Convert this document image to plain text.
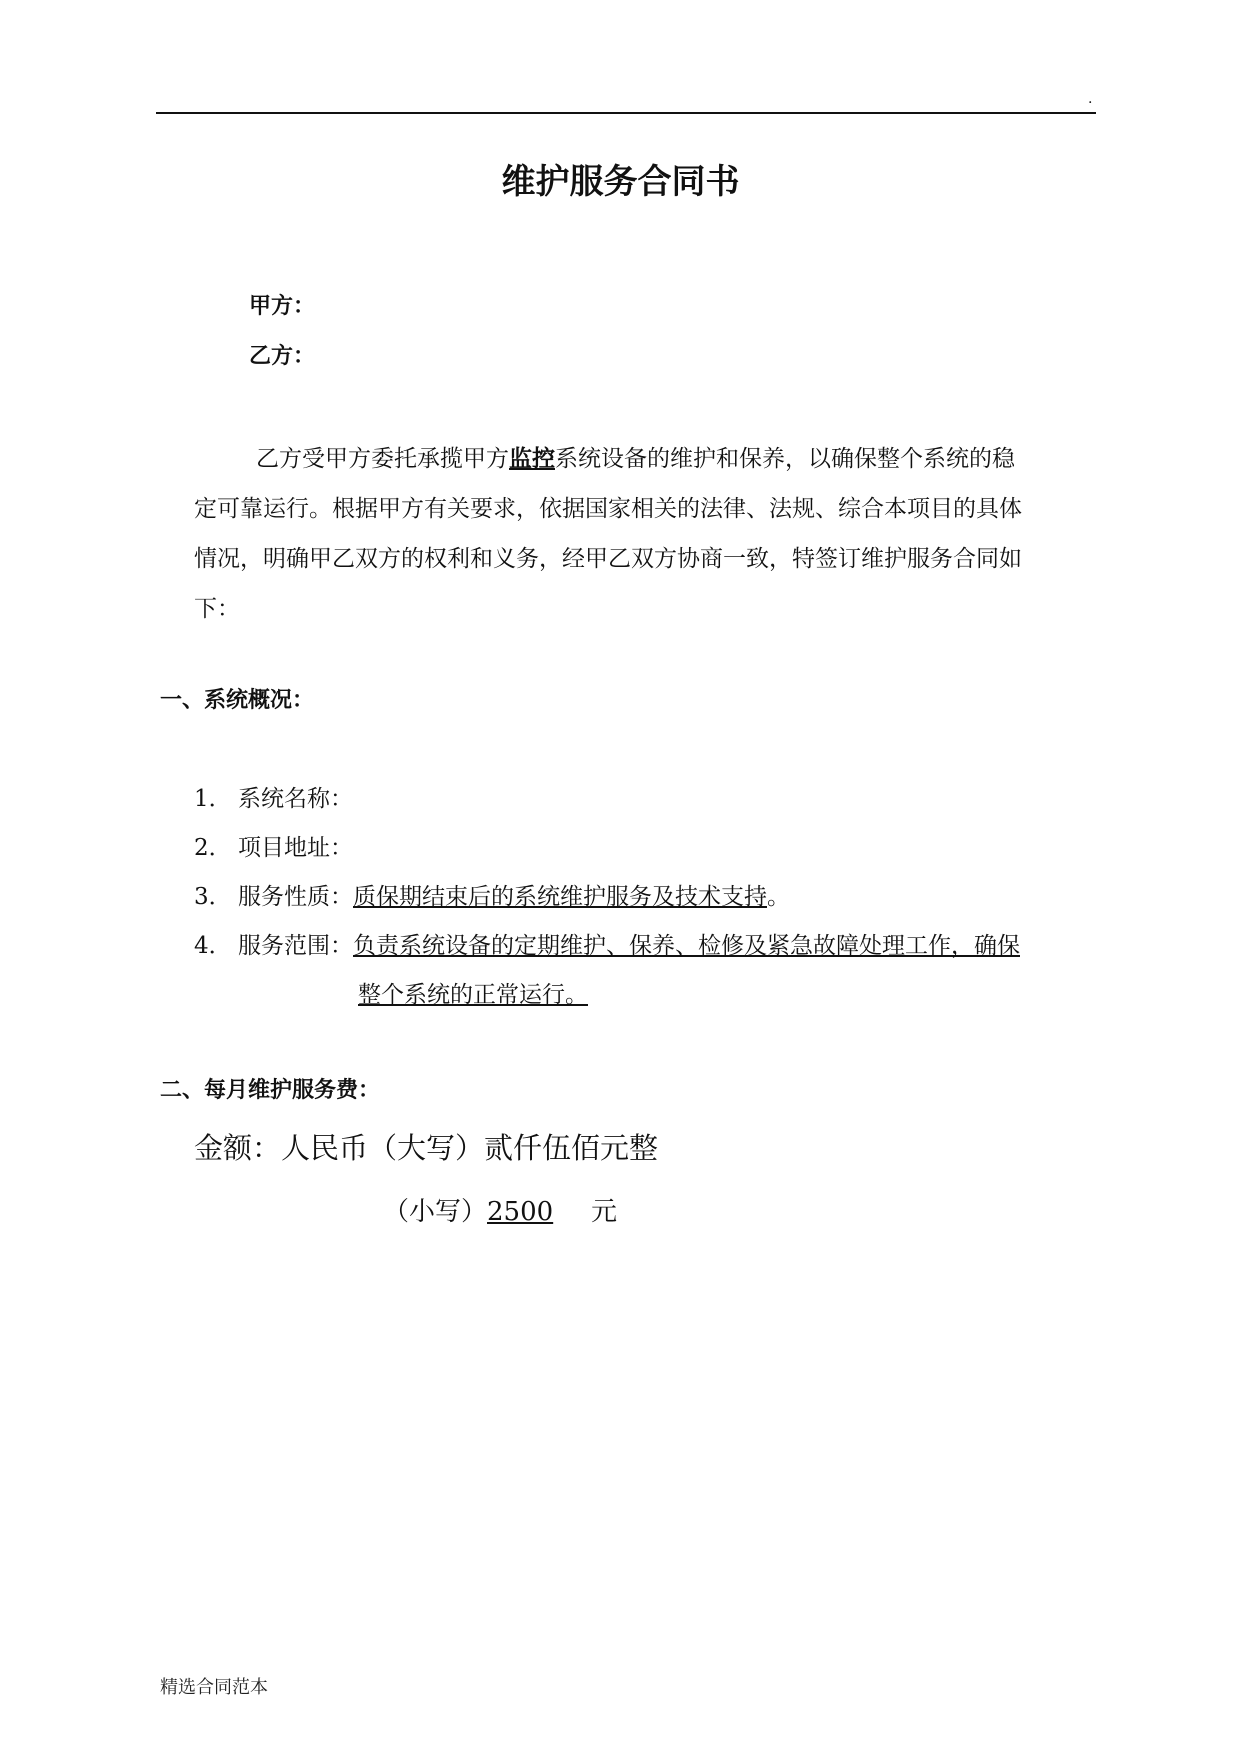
.
维护服务合同书
甲方：
乙方：
乙方受甲方委托承揽甲方监控系统设备的维护和保养，以确保整个系统的稳
定可靠运行。根据甲方有关要求，依据国家相关的法律、法规、综合本项目的具体
情况，明确甲乙双方的权利和义务，经甲乙双方协商一致，特签订维护服务合同如
下：
一、系统概况：
1． 系统名称：
2． 项目地址：
3． 服务性质：质保期结束后的系统维护服务及技术支持。
4． 服务范围：负责系统设备的定期维护、保养、检修及紧急故障处理工作，确保
整个系统的正常运行。
二、每月维护服务费：
金额：人民币（大写）贰仟伍佰元整
（小写）2500 元
精选合同范本
